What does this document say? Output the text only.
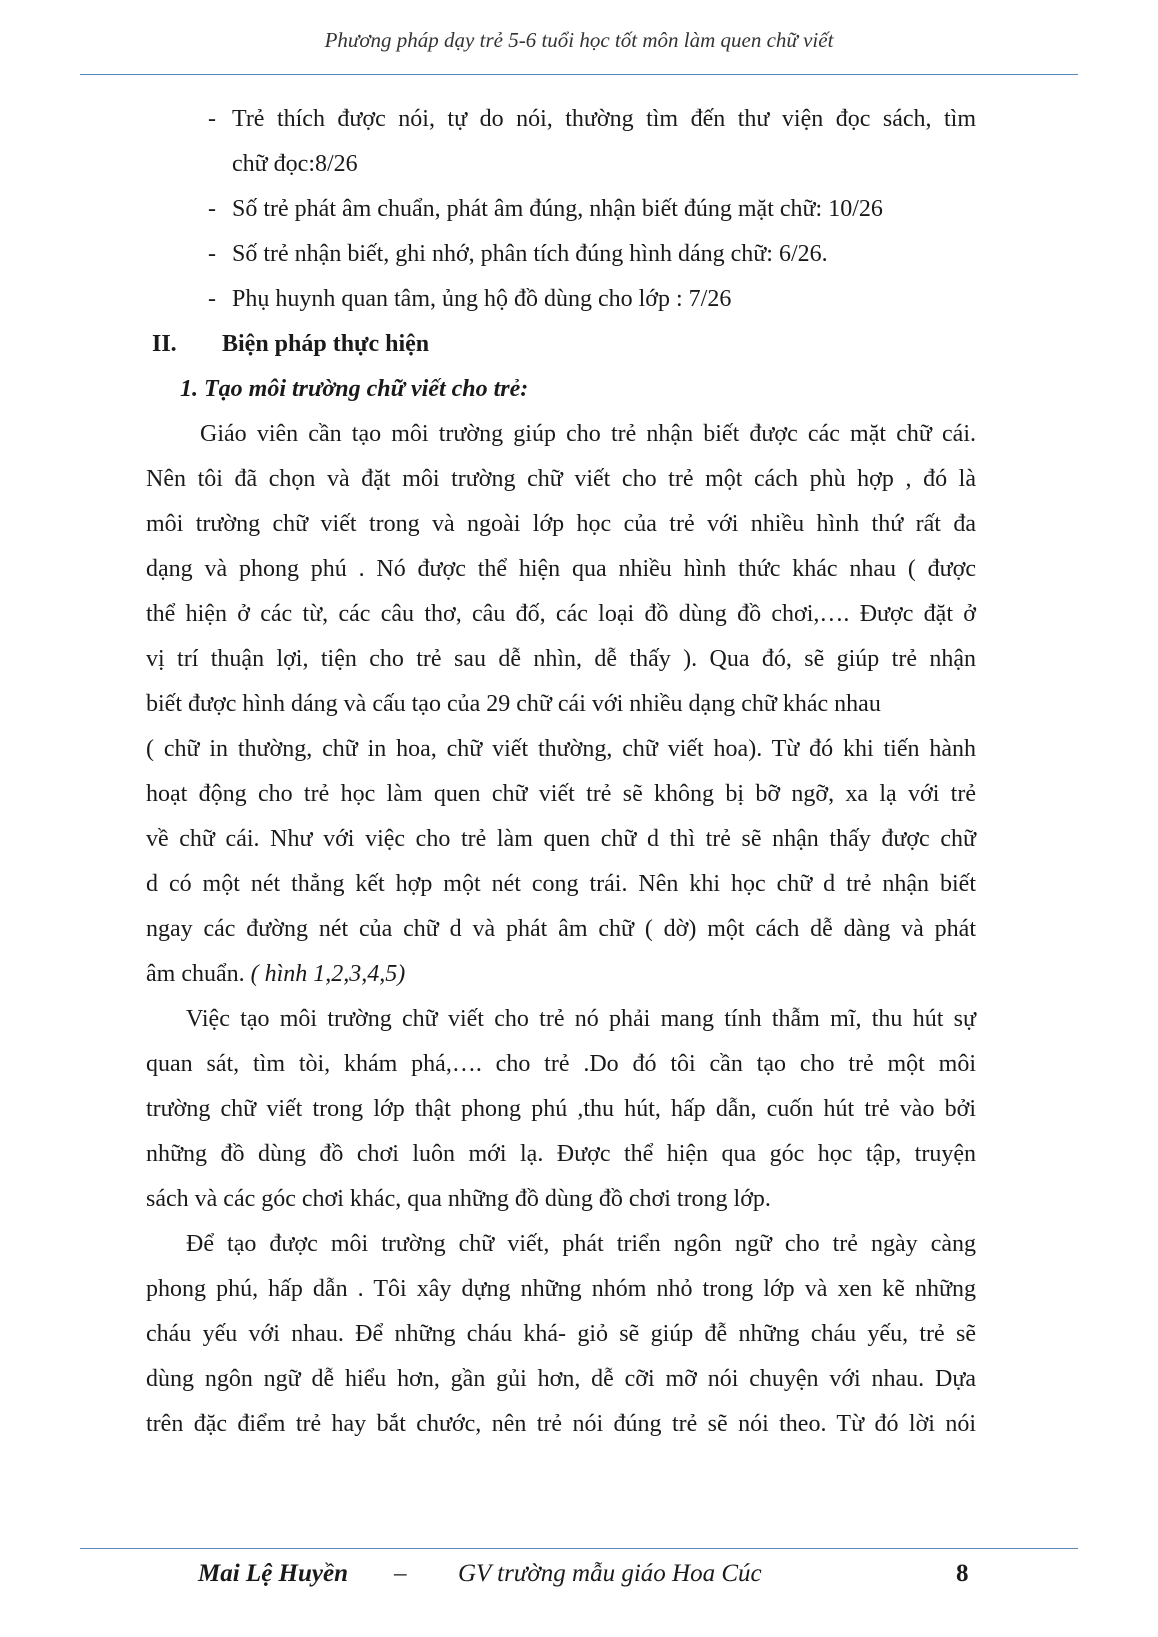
Phương pháp dạy trẻ 5-6 tuổi học tốt môn làm quen chữ viết
- Trẻ thích được nói, tự do nói, thường tìm đến thư viện đọc sách, tìm
chữ đọc:8/26
- Số trẻ phát âm chuẩn, phát âm đúng, nhận biết đúng mặt chữ: 10/26
- Số trẻ nhận biết, ghi nhớ, phân tích đúng hình dáng chữ: 6/26.
- Phụ huynh quan tâm, ủng hộ đồ dùng cho lớp : 7/26
II. Biện pháp thực hiện
1. Tạo môi trường chữ viết cho trẻ:
Giáo viên cần tạo môi trường giúp cho trẻ nhận biết được các mặt chữ cái.
Nên tôi đã chọn và đặt môi trường chữ viết cho trẻ một cách phù hợp , đó là
môi trường chữ viết trong và ngoài lớp học của trẻ với nhiều hình thứ rất đa
dạng và phong phú . Nó được thể hiện qua nhiều hình thức khác nhau ( được
thể hiện ở các từ, các câu thơ, câu đố, các loại đồ dùng đồ chơi,…. Được đặt ở
vị trí thuận lợi, tiện cho trẻ sau dễ nhìn, dễ thấy ). Qua đó, sẽ giúp trẻ nhận
biết được hình dáng và cấu tạo của 29 chữ cái với nhiều dạng chữ khác nhau
( chữ in thường, chữ in hoa, chữ viết thường, chữ viết hoa). Từ đó khi tiến hành
hoạt động cho trẻ học làm quen chữ viết trẻ sẽ không bị bỡ ngỡ, xa lạ với trẻ
về chữ cái. Như với việc cho trẻ làm quen chữ d thì trẻ sẽ nhận thấy được chữ
d có một nét thẳng kết hợp một nét cong trái. Nên khi học chữ d trẻ nhận biết
ngay các đường nét của chữ d và phát âm chữ ( dờ) một cách dễ dàng và phát
âm chuẩn. ( hình 1,2,3,4,5)
Việc tạo môi trường chữ viết cho trẻ nó phải mang tính thẫm mĩ, thu hút sự
quan sát, tìm tòi, khám phá,…. cho trẻ .Do đó tôi cần tạo cho trẻ một môi
trường chữ viết trong lớp thật phong phú ,thu hút, hấp dẫn, cuốn hút trẻ vào bởi
những đồ dùng đồ chơi luôn mới lạ. Được thể hiện qua góc học tập, truyện
sách và các góc chơi khác, qua những đồ dùng đồ chơi trong lớp.
Để tạo được môi trường chữ viết, phát triển ngôn ngữ cho trẻ ngày càng
phong phú, hấp dẫn . Tôi xây dựng những nhóm nhỏ trong lớp và xen kẽ những
cháu yếu với nhau. Để những cháu khá- giỏ sẽ giúp đễ những cháu yếu, trẻ sẽ
dùng ngôn ngữ dễ hiểu hơn, gần gủi hơn, dễ cỡi mỡ nói chuyện với nhau. Dựa
trên đặc điểm trẻ hay bắt chước, nên trẻ nói đúng trẻ sẽ nói theo. Từ đó lời nói
Mai Lệ Huyền – GV trường mẫu giáo Hoa Cúc	8
